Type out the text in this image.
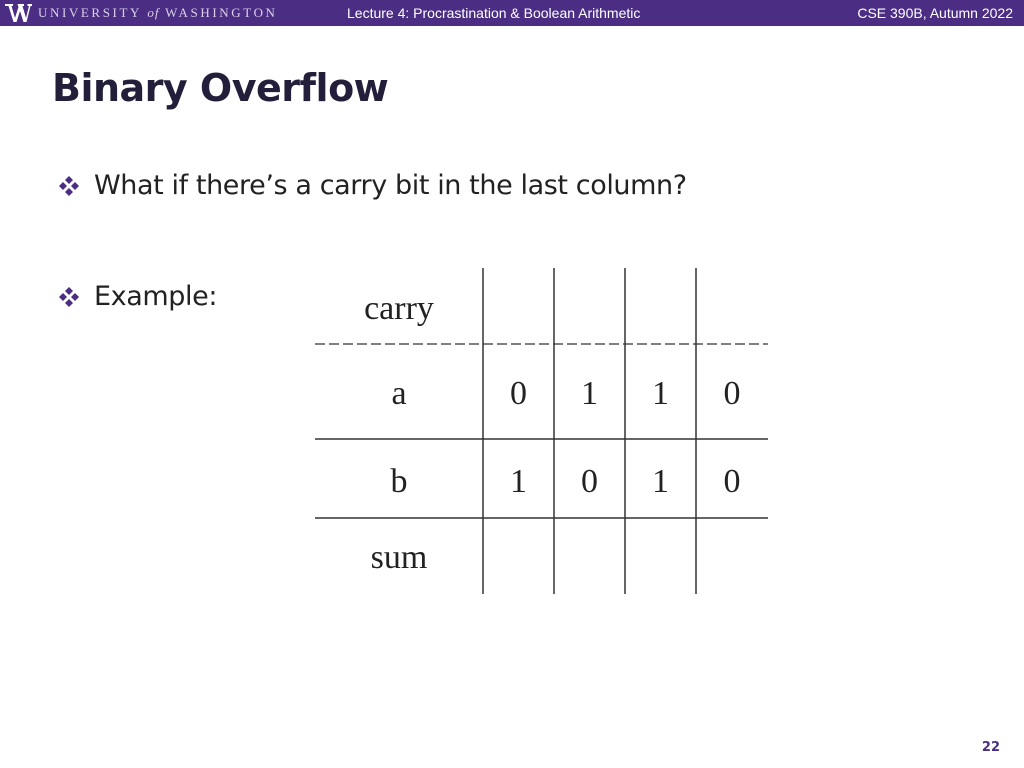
UNIVERSITY of WASHINGTON	Lecture 4: Procrastination & Boolean Arithmetic	CSE 390B, Autumn 2022
Binary Overflow
What if there’s a carry bit in the last column?
Example:	carry
a	0	1	1	0
b	1	0	1	0
sum
22
